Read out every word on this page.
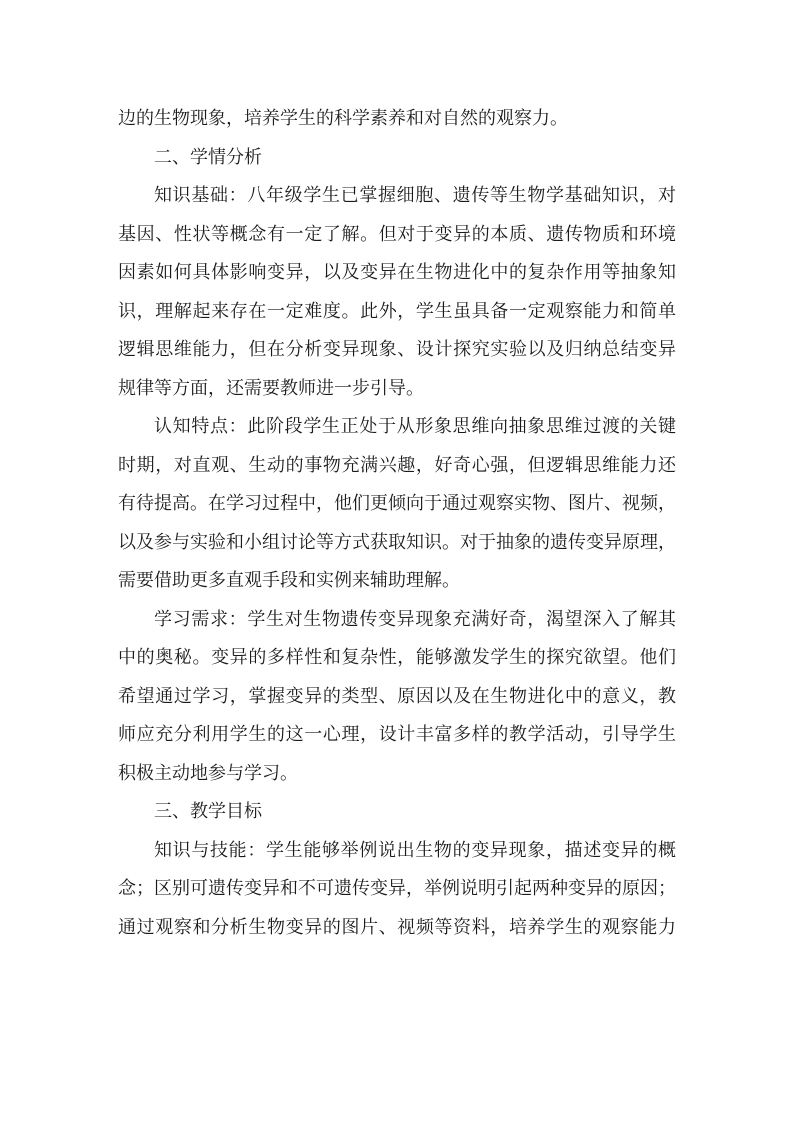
边的生物现象，培养学生的科学素养和对自然的观察力。
二、学情分析
知识基础：八年级学生已掌握细胞、遗传等生物学基础知识，对
基因、性状等概念有一定了解。但对于变异的本质、遗传物质和环境
因素如何具体影响变异，以及变异在生物进化中的复杂作用等抽象知
识，理解起来存在一定难度。此外，学生虽具备一定观察能力和简单
逻辑思维能力，但在分析变异现象、设计探究实验以及归纳总结变异
规律等方面，还需要教师进一步引导。
认知特点：此阶段学生正处于从形象思维向抽象思维过渡的关键
时期，对直观、生动的事物充满兴趣，好奇心强，但逻辑思维能力还
有待提高。在学习过程中，他们更倾向于通过观察实物、图片、视频，
以及参与实验和小组讨论等方式获取知识。对于抽象的遗传变异原理，
需要借助更多直观手段和实例来辅助理解。
学习需求：学生对生物遗传变异现象充满好奇，渴望深入了解其
中的奥秘。变异的多样性和复杂性，能够激发学生的探究欲望。他们
希望通过学习，掌握变异的类型、原因以及在生物进化中的意义，教
师应充分利用学生的这一心理，设计丰富多样的教学活动，引导学生
积极主动地参与学习。
三、教学目标
知识与技能：学生能够举例说出生物的变异现象，描述变异的概
念；区别可遗传变异和不可遗传变异，举例说明引起两种变异的原因；
通过观察和分析生物变异的图片、视频等资料，培养学生的观察能力
